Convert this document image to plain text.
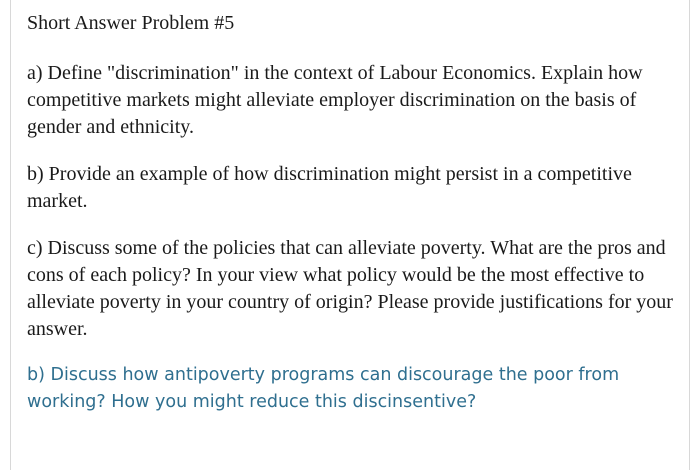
Short Answer Problem #5
a) Define "discrimination" in the context of Labour Economics. Explain how competitive markets might alleviate employer discrimination on the basis of gender and ethnicity.
b) Provide an example of how discrimination might persist in a competitive market.
c) Discuss some of the policies that can alleviate poverty. What are the pros and cons of each policy? In your view what policy would be the most effective to alleviate poverty in your country of origin? Please provide justifications for your answer.
b) Discuss how antipoverty programs can discourage the poor from working? How you might reduce this discinsentive?
